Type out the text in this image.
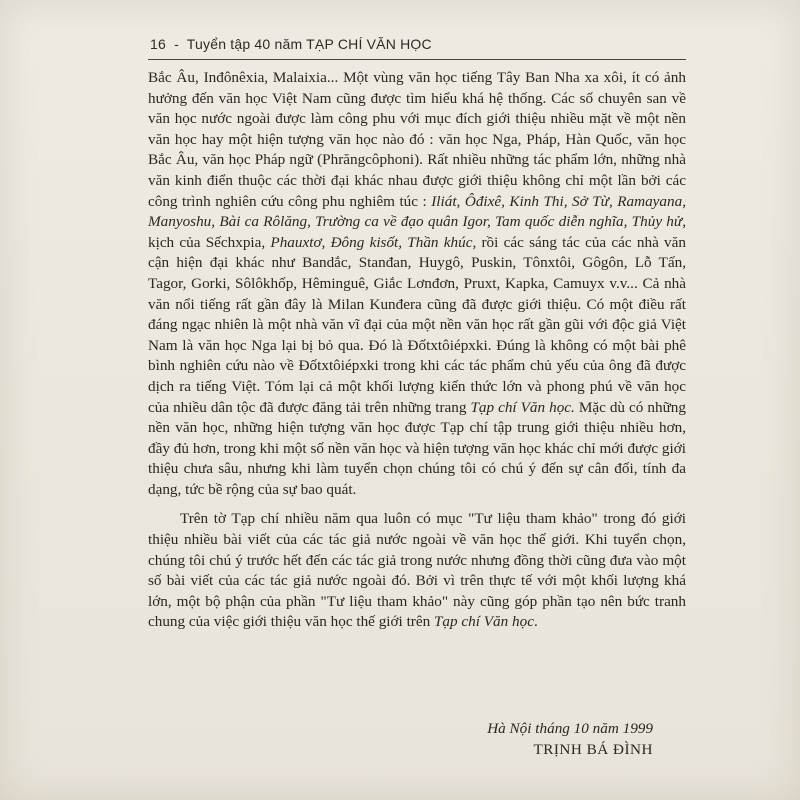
16 - Tuyển tập 40 năm TẠP CHÍ VĂN HỌC

Bắc Âu, Inđônêxia, Malaixia... Một vùng văn học tiếng Tây Ban Nha xa xôi, ít có ảnh hưởng đến văn học Việt Nam cũng được tìm hiểu khá hệ thống. Các số chuyên san về văn học nước ngoài được làm công phu với mục đích giới thiệu nhiều mặt về một nền văn học hay một hiện tượng văn học nào đó : văn học Nga, Pháp, Hàn Quốc, văn học Bắc Âu, văn học Pháp ngữ (Phrăngcôphoni). Rất nhiều những tác phẩm lớn, những nhà văn kinh điển thuộc các thời đại khác nhau được giới thiệu không chỉ một lần bởi các công trình nghiên cứu công phu nghiêm túc : Iliát, Ôđixê, Kinh Thi, Sở Từ, Ramayana, Manyoshu, Bài ca Rôlăng, Trường ca về đạo quân Igor, Tam quốc diễn nghĩa, Thủy hử, kịch của Sếchxpia, Phauxtơ, Đông kisốt, Thần khúc, rồi các sáng tác của các nhà văn cận hiện đại khác như Bandắc, Stanđan, Huygô, Puskin, Tônxtôi, Gôgôn, Lỗ Tấn, Tagor, Gorki, Sôlôkhốp, Hêminguê, Giắc Lơnđơn, Pruxt, Kapka, Camuyx v.v... Cả nhà văn nổi tiếng rất gần đây là Milan Kunđera cũng đã được giới thiệu. Có một điều rất đáng ngạc nhiên là một nhà văn vĩ đại của một nền văn học rất gần gũi với độc giả Việt Nam là văn học Nga lại bị bỏ qua. Đó là Đốtxtôiépxki. Đúng là không có một bài phê bình nghiên cứu nào về Đốtxtôiépxki trong khi các tác phẩm chủ yếu của ông đã được dịch ra tiếng Việt. Tóm lại cả một khối lượng kiến thức lớn và phong phú về văn học của nhiều dân tộc đã được đăng tải trên những trang Tạp chí Văn học. Mặc dù có những nền văn học, những hiện tượng văn học được Tạp chí tập trung giới thiệu nhiều hơn, đầy đủ hơn, trong khi một số nền văn học và hiện tượng văn học khác chỉ mới được giới thiệu chưa sâu, nhưng khi làm tuyển chọn chúng tôi có chú ý đến sự cân đối, tính đa dạng, tức bề rộng của sự bao quát.

Trên tờ Tạp chí nhiều năm qua luôn có mục "Tư liệu tham khảo" trong đó giới thiệu nhiều bài viết của các tác giả nước ngoài về văn học thế giới. Khi tuyển chọn, chúng tôi chú ý trước hết đến các tác giả trong nước nhưng đồng thời cũng đưa vào một số bài viết của các tác giả nước ngoài đó. Bởi vì trên thực tế với một khối lượng khá lớn, một bộ phận của phần "Tư liệu tham khảo" này cũng góp phần tạo nên bức tranh chung của việc giới thiệu văn học thế giới trên Tạp chí Văn học.

Hà Nội tháng 10 năm 1999
TRỊNH BÁ ĐÌNH
